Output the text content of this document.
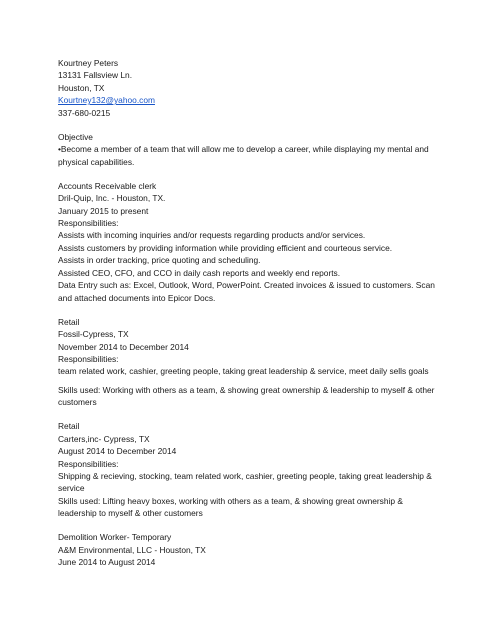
Kourtney Peters
13131 Fallsview Ln.
Houston, TX
Kourtney132@yahoo.com
337-680-0215
Objective
•Become a member of a team that will allow me to develop a career, while displaying my mental and physical capabilities.
Accounts Receivable clerk
Dril-Quip, Inc. - Houston, TX.
January 2015 to present
Responsibilities:
Assists with incoming inquiries and/or requests regarding products and/or services.
Assists customers by providing information while providing efficient and courteous service.
Assists in order tracking, price quoting and scheduling.
Assisted CEO, CFO, and CCO in daily cash reports and weekly end reports.
Data Entry such as: Excel, Outlook, Word, PowerPoint. Created invoices & issued to customers. Scan and attached documents into Epicor Docs.
Retail
Fossil-Cypress, TX
November 2014 to December 2014
Responsibilities:
team related work, cashier, greeting people, taking great leadership & service, meet daily sells goals
Skills used: Working with others as a team, & showing great ownership & leadership to myself & other customers
Retail
Carters,inc- Cypress, TX
August 2014 to December 2014
Responsibilities:
Shipping & recieving, stocking, team related work, cashier, greeting people, taking great leadership & service
Skills used: Lifting heavy boxes, working with others as a team, & showing great ownership & leadership to myself & other customers
Demolition Worker- Temporary
A&M Environmental, LLC - Houston, TX
June 2014 to August 2014
